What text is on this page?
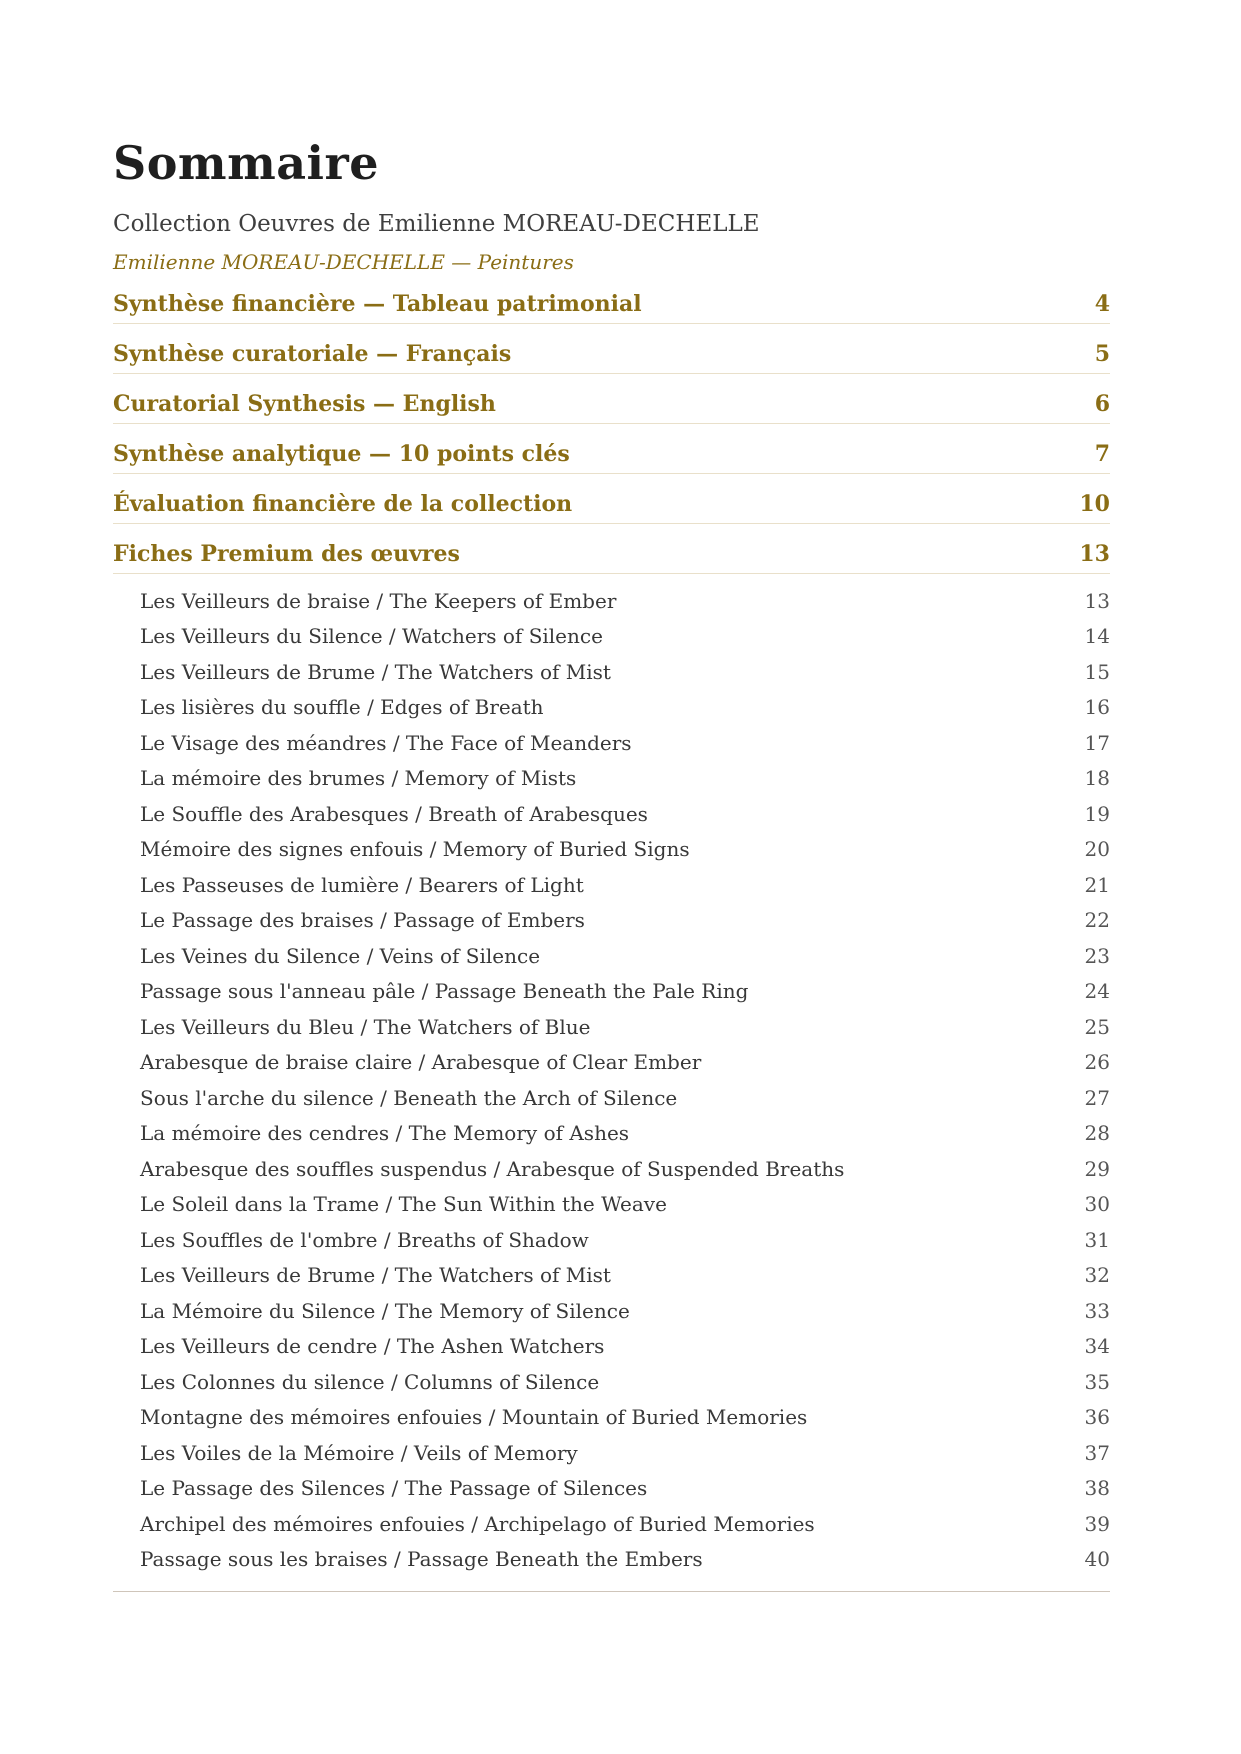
Sommaire
Collection Oeuvres de Emilienne MOREAU-DECHELLE
Emilienne MOREAU-DECHELLE — Peintures
Synthèse financière — Tableau patrimonial	4
Synthèse curatoriale — Français	5
Curatorial Synthesis — English	6
Synthèse analytique — 10 points clés	7
Évaluation financière de la collection	10
Fiches Premium des œuvres	13
Les Veilleurs de braise / The Keepers of Ember	13
Les Veilleurs du Silence / Watchers of Silence	14
Les Veilleurs de Brume / The Watchers of Mist	15
Les lisières du souffle / Edges of Breath	16
Le Visage des méandres / The Face of Meanders	17
La mémoire des brumes / Memory of Mists	18
Le Souffle des Arabesques / Breath of Arabesques	19
Mémoire des signes enfouis / Memory of Buried Signs	20
Les Passeuses de lumière / Bearers of Light	21
Le Passage des braises / Passage of Embers	22
Les Veines du Silence / Veins of Silence	23
Passage sous l'anneau pâle / Passage Beneath the Pale Ring	24
Les Veilleurs du Bleu / The Watchers of Blue	25
Arabesque de braise claire / Arabesque of Clear Ember	26
Sous l'arche du silence / Beneath the Arch of Silence	27
La mémoire des cendres / The Memory of Ashes	28
Arabesque des souffles suspendus / Arabesque of Suspended Breaths	29
Le Soleil dans la Trame / The Sun Within the Weave	30
Les Souffles de l'ombre / Breaths of Shadow	31
Les Veilleurs de Brume / The Watchers of Mist	32
La Mémoire du Silence / The Memory of Silence	33
Les Veilleurs de cendre / The Ashen Watchers	34
Les Colonnes du silence / Columns of Silence	35
Montagne des mémoires enfouies / Mountain of Buried Memories	36
Les Voiles de la Mémoire / Veils of Memory	37
Le Passage des Silences / The Passage of Silences	38
Archipel des mémoires enfouies / Archipelago of Buried Memories	39
Passage sous les braises / Passage Beneath the Embers	40
